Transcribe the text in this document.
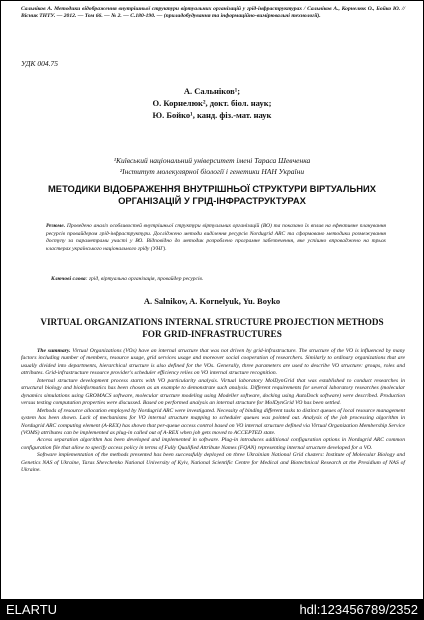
Сальніков А. Методики відображення внутрішньої структури віртуальних організацій у грід-інфраструктурах / Сальніков А., Корнелюк О., Бойко Ю. // Вісник ТНТУ. — 2012. — Том 66. — № 2. — С.180-190. — (приладобудування та інформаційно-вимірювальні технології).
УДК 004.75
А. Сальніков¹;
О. Корнелюк², докт. біол. наук;
Ю. Бойко¹, канд. фіз.-мат. наук
¹Київський національний університет імені Тараса Шевченка
²Інститут молекулярної біології і генетики НАН України
МЕТОДИКИ ВІДОБРАЖЕННЯ ВНУТРІШНЬОЇ СТРУКТУРИ ВІРТУАЛЬНИХ ОРГАНІЗАЦІЙ У ГРІД-ІНФРАСТРУКТУРАХ
Резюме. Проведено аналіз особливостей внутрішньої структури віртуальних організацій (ВО) та показано їх вплив на ефективне планування ресурсів провайдером грід-інфраструктури. Досліджено методи виділення ресурсів Nordugrid ARC та сформовано методики розмежування доступу за параметрами участі у ВО. Відповідно до методик розроблено програмне забезпечення, яке успішно впроваджено на трьох кластерах українського національного гріду (УНГ).
Ключові слова: грід, віртуальна організація, провайдер ресурсів.
A. Salnikov, A. Kornelyuk, Yu. Boyko
VIRTUAL ORGANIZATIONS INTERNAL STRUCTURE PROJECTION METHODS FOR GRID-INFRASTRUCTURES

The summary. Virtual Organizations (VOs) have an internal structure that was not driven by grid-infrastructure. The structure of the VO is influenced by many factors including number of members, resource usage, grid services usage and moreover social cooperation of researchers. Similarly to ordinary organizations that are usually divided into departments, hierarchical structure is also defined for the VOs. Generally, three parameters are used to describe VO structure: groups, roles and attributes. Grid-infrastructure resource provider's scheduler efficiency relies on VO internal structure recognition.

Internal structure development process starts with VO particularity analysis. Virtual laboratory MolDynGrid that was established to conduct researches in structural biology and bioinformatics has been chosen as an example to demonstrate such analysis. Different requirements for several laboratory researches (molecular dynamics simulations using GROMACS software, molecular structure modeling using Modeller software, docking using AutoDock software) were described. Production versus testing computation properties were discussed. Based on performed analysis an internal structure for MolDynGrid VO has been settled.

Methods of resource allocation employed by Nordugrid ARC were investigated. Necessity of binding different tasks to distinct queues of local resource management system has been shown. Lack of mechanisms for VO internal structure mapping to scheduler queues was pointed out. Analysis of the job processing algorithm in Nordugrid ARC computing element (A-REX) has shown that per-queue access control based on VO internal structure defined via Virtual Organization Membership Service (VOMS) attributes can be implemented as plug-in called out of A-REX when job gets moved to ACCEPTED state.

Access separation algorithm has been developed and implemented in software. Plug-in introduces additional configuration options in Nordugrid ARC common configuration file that allow to specify access policy in terms of Fully Qualified Attribute Names (FQAN) representing internal structure developed for a VO.

Software implementation of the methods presented has been successfully deployed on three Ukrainian National Grid clusters: Institute of Molecular Biology and Genetics NAS of Ukraine, Taras Shevchenko National University of Kyiv, National Scientific Centre for Medical and Biotechnical Research at the Presidium of NAS of Ukraine.

ELARTU	hdl:123456789/2352
